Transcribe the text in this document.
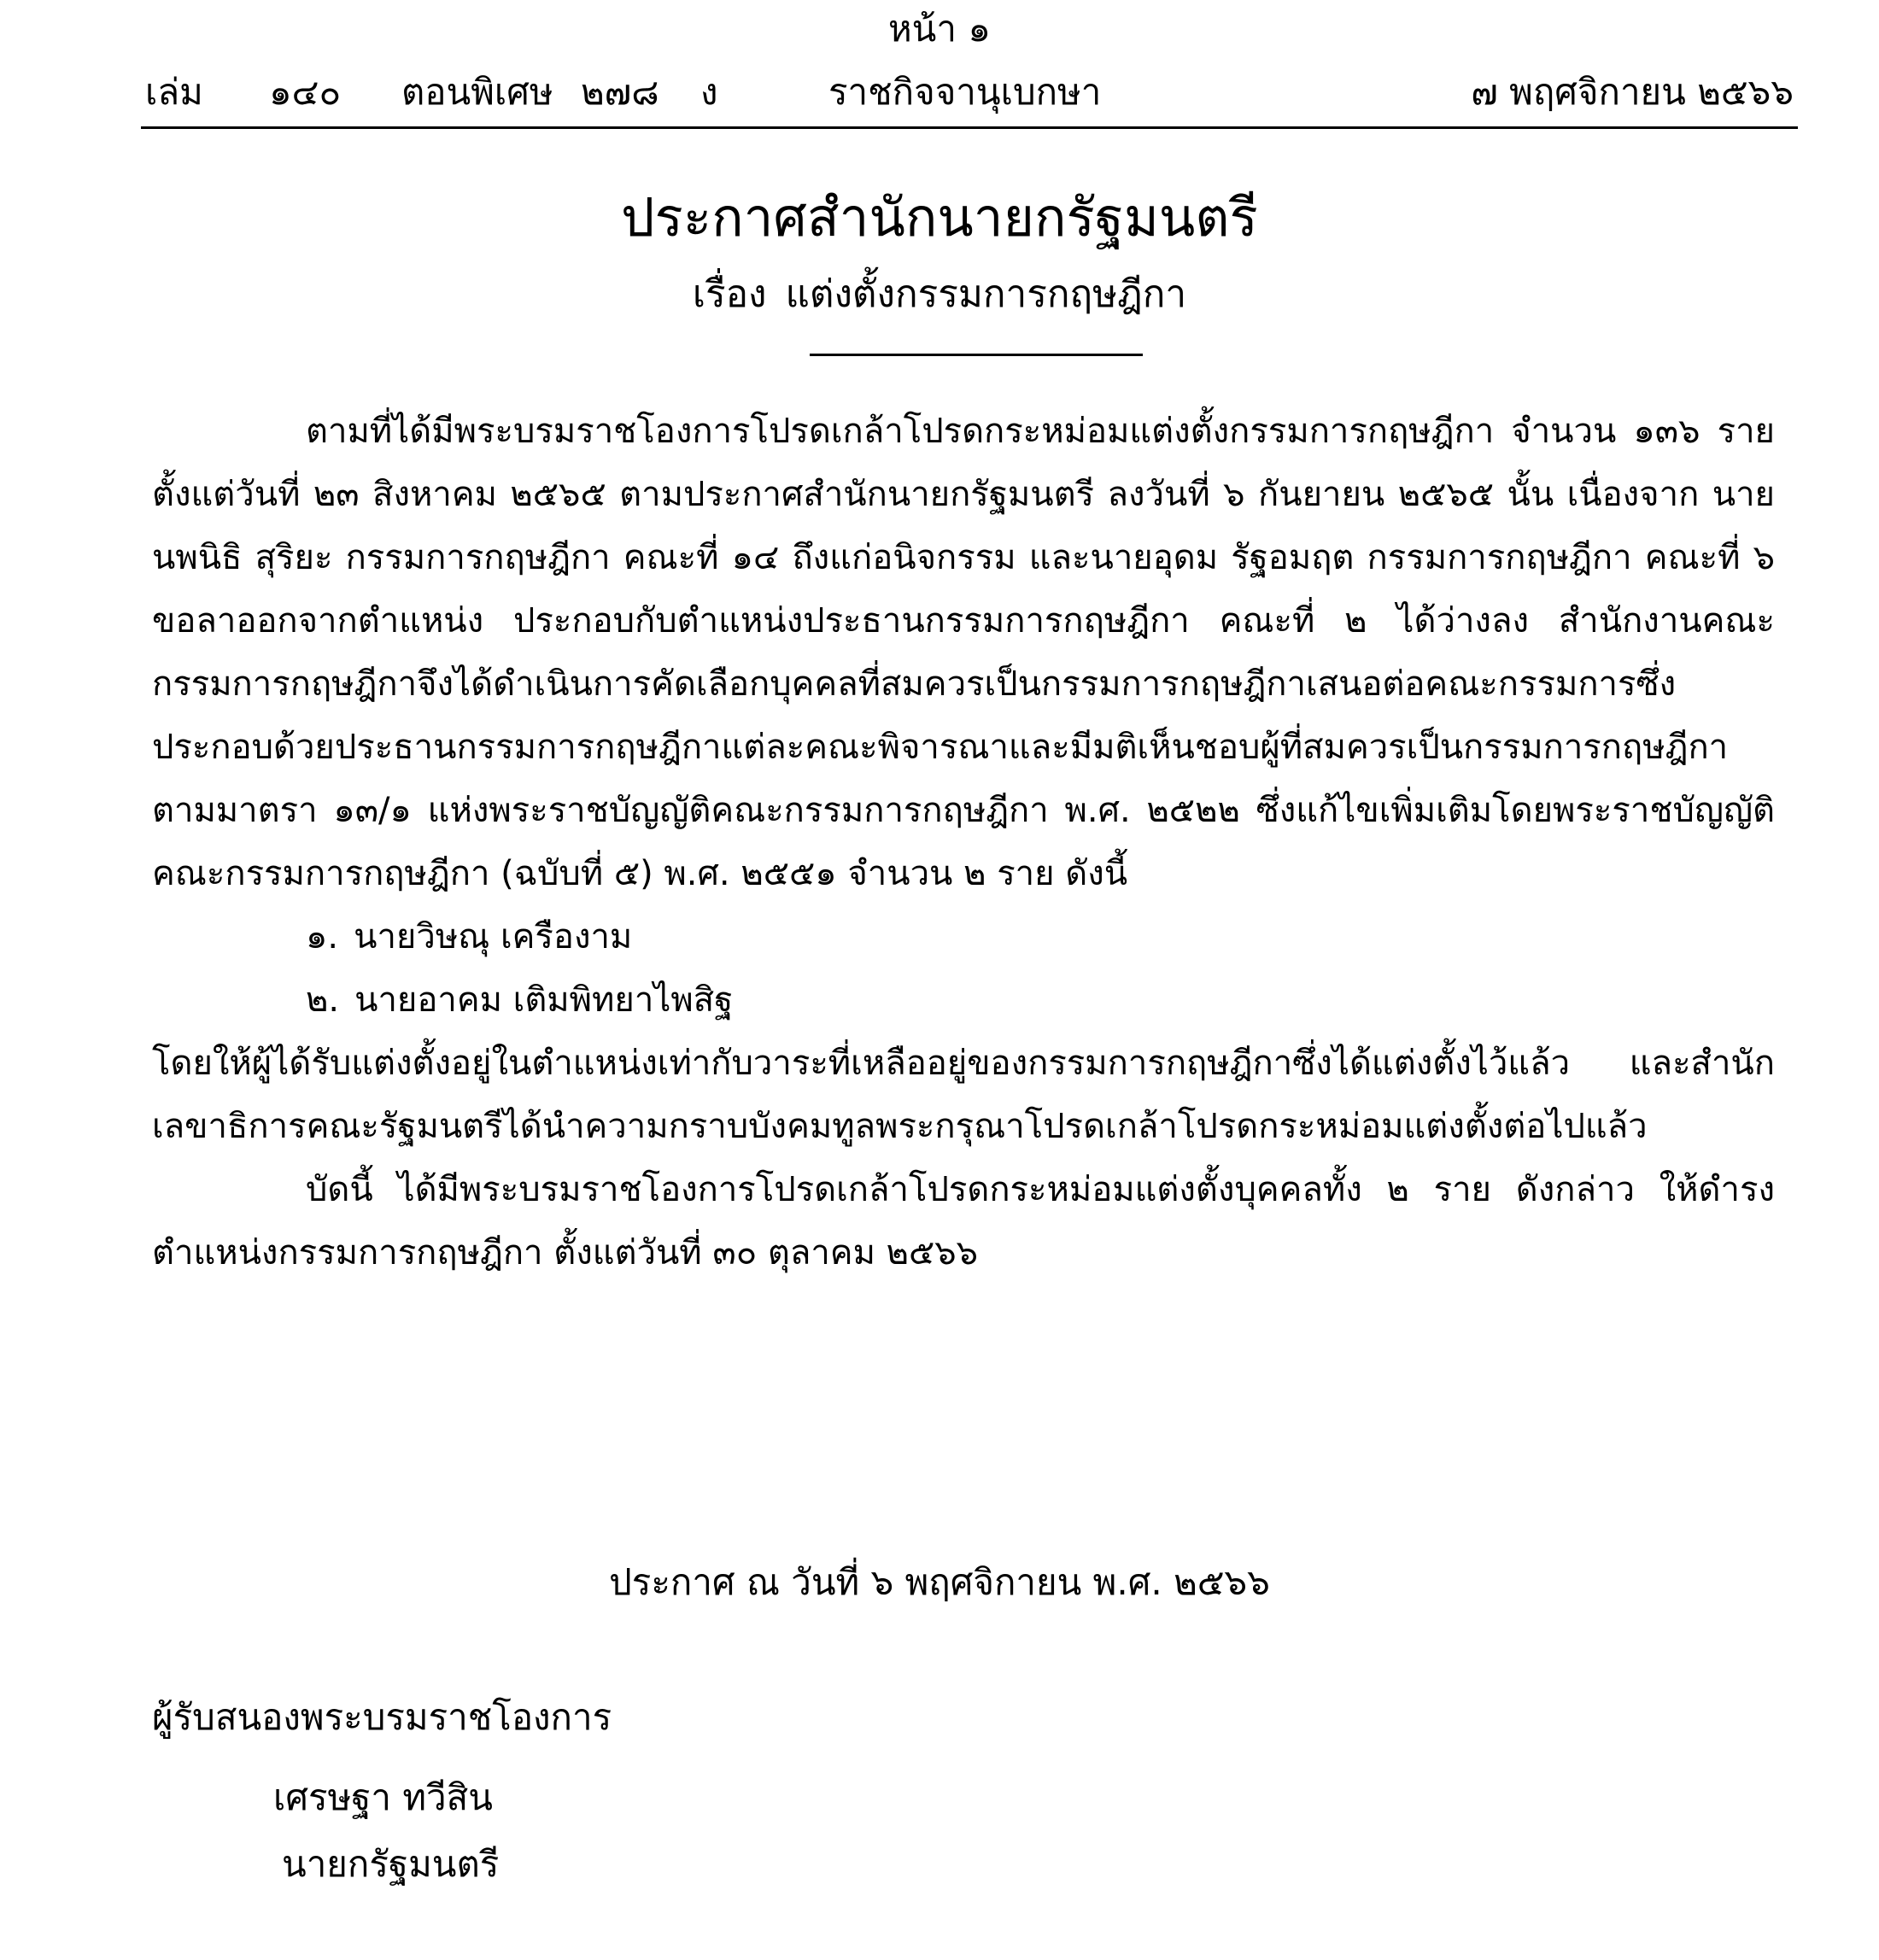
หน้า ๑
เล่ม ๑๔๐ ตอนพิเศษ ๒๗๘ ง	ราชกิจจานุเบกษา	๗ พฤศจิกายน ๒๕๖๖
ประกาศสำนักนายกรัฐมนตรี
เรื่อง แต่งตั้งกรรมการกฤษฎีกา

ตามที่ได้มีพระบรมราชโองการโปรดเกล้าโปรดกระหม่อมแต่งตั้งกรรมการกฤษฎีกา จำนวน ๑๓๖ ราย ตั้งแต่วันที่ ๒๓ สิงหาคม ๒๕๖๕ ตามประกาศสำนักนายกรัฐมนตรี ลงวันที่ ๖ กันยายน ๒๕๖๕ นั้น เนื่องจาก นายนพนิธิ สุริยะ กรรมการกฤษฎีกา คณะที่ ๑๔ ถึงแก่อนิจกรรม และนายอุดม รัฐอมฤต กรรมการกฤษฎีกา คณะที่ ๖ ขอลาออกจากตำแหน่ง ประกอบกับตำแหน่งประธานกรรมการกฤษฎีกา คณะที่ ๒ ได้ว่างลง สำนักงานคณะกรรมการกฤษฎีกาจึงได้ดำเนินการคัดเลือกบุคคลที่สมควรเป็นกรรมการกฤษฎีกาเสนอต่อคณะกรรมการซึ่งประกอบด้วยประธานกรรมการกฤษฎีกาแต่ละคณะพิจารณาและมีมติเห็นชอบผู้ที่สมควรเป็นกรรมการกฤษฎีกาตามมาตรา ๑๓/๑ แห่งพระราชบัญญัติคณะกรรมการกฤษฎีกา พ.ศ. ๒๕๒๒ ซึ่งแก้ไขเพิ่มเติมโดยพระราชบัญญัติคณะกรรมการกฤษฎีกา (ฉบับที่ ๕) พ.ศ. ๒๕๕๑ จำนวน ๒ ราย ดังนี้

๑. นายวิษณุ เครืองาม

๒. นายอาคม เติมพิทยาไพสิฐ

โดยให้ผู้ได้รับแต่งตั้งอยู่ในตำแหน่งเท่ากับวาระที่เหลืออยู่ของกรรมการกฤษฎีกาซึ่งได้แต่งตั้งไว้แล้ว และสำนักเลขาธิการคณะรัฐมนตรีได้นำความกราบบังคมทูลพระกรุณาโปรดเกล้าโปรดกระหม่อมแต่งตั้งต่อไปแล้ว

บัดนี้ ได้มีพระบรมราชโองการโปรดเกล้าโปรดกระหม่อมแต่งตั้งบุคคลทั้ง ๒ ราย ดังกล่าว ให้ดำรงตำแหน่งกรรมการกฤษฎีกา ตั้งแต่วันที่ ๓๐ ตุลาคม ๒๕๖๖

ประกาศ ณ วันที่ ๖ พฤศจิกายน พ.ศ. ๒๕๖๖
ผู้รับสนองพระบรมราชโองการ
เศรษฐา ทวีสิน
นายกรัฐมนตรี
